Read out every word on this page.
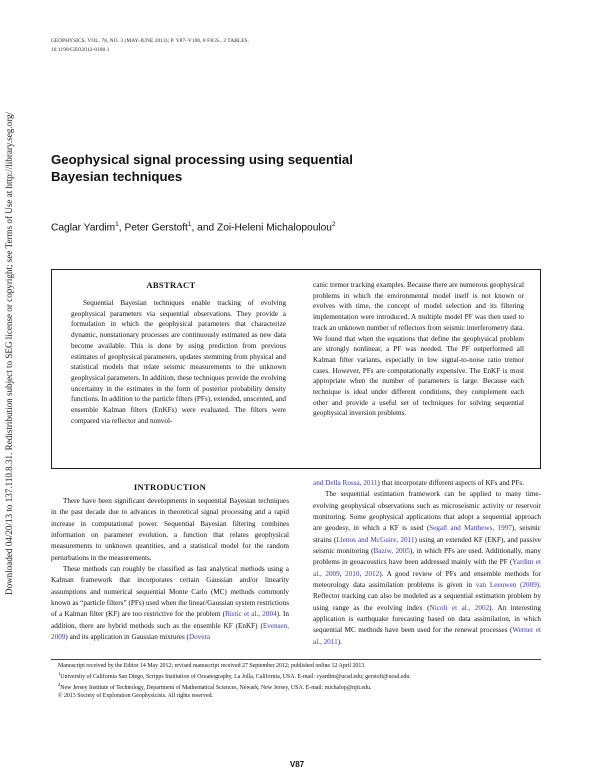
Downloaded 04/20/13 to 137.110.8.31. Redistribution subject to SEG license or copyright; see Terms of Use at http://library.seg.org/
GEOPHYSICS, VOL. 78, NO. 3 (MAY-JUNE 2013); P. V87–V100, 8 FIGS., 2 TABLES.
10.1190/GEO2012-0180.1
Geophysical signal processing using sequential
Bayesian techniques
Caglar Yardim$^1$, Peter Gerstoft$^1$, and Zoi-Heleni Michalopoulou$^2$
ABSTRACT
Sequential Bayesian techniques enable tracking of evolving geophysical parameters via sequential observations. They provide a formulation in which the geophysical parameters that characterize dynamic, nonstationary processes are continuously estimated as new data become available. This is done by using prediction from previous estimates of geophysical parameters, updates stemming from physical and statistical models that relate seismic measurements to the unknown geophysical parameters. In addition, these techniques provide the evolving uncertainty in the estimates in the form of posterior probability density functions. In addition to the particle filters (PFs), extended, unscented, and ensemble Kalman filters (EnKFs) were evaluated. The filters were compared via reflector and nonvol-
canic tremor tracking examples. Because there are numerous geophysical problems in which the environmental model itself is not known or evolves with time, the concept of model selection and its filtering implementation were introduced. A multiple model PF was then used to track an unknown number of reflectors from seismic interferometry data. We found that when the equations that define the geophysical problem are strongly nonlinear, a PF was needed. The PF outperformed all Kalman filter variants, especially in low signal-to-noise ratio tremor cases. However, PFs are computationally expensive. The EnKF is most appropriate when the number of parameters is large. Because each technique is ideal under different conditions, they complement each other and provide a useful set of techniques for solving sequential geophysical inversion problems.
INTRODUCTION

There have been significant developments in sequential Bayesian techniques in the past decade due to advances in theoretical signal processing and a rapid increase in computational power. Sequential Bayesian filtering combines information on parameter evolution, a function that relates geophysical measurements to unknown quantities, and a statistical model for the random perturbations in the measurements.

These methods can roughly be classified as fast analytical methods using a Kalman framework that incorporates certain Gaussian and/or linearity assumptions and numerical sequential Monte Carlo (MC) methods commonly known as “particle filters” (PFs) used when the linear/Gaussian system restrictions of a Kalman filter (KF) are too restrictive for the problem (Ristic et al., 2004). In addition, there are hybrid methods such as the ensemble KF (EnKF) (Evensen, 2009) and its application in Gaussian mixtures (Dovera

and Della Rossa, 2011) that incorporate different aspects of KFs and PFs.

The sequential estimation framework can be applied to many time-evolving geophysical observations such as microseismic activity or reservoir monitoring. Some geophysical applications that adopt a sequential approach are geodesy, in which a KF is used (Segall and Matthews, 1997), seismic strains (Llenos and McGuire, 2011) using an extended KF (EKF), and passive seismic monitoring (Baziw, 2005), in which PFs are used. Additionally, many problems in geoacoustics have been addressed mainly with the PF (Yardim et al., 2009, 2010, 2012). A good review of PFs and ensemble methods for meteorology data assimilation problems is given in van Leeuwen (2009). Reflector tracking can also be modeled as a sequential estimation problem by using range as the evolving index (Nicoli et al., 2002). An interesting application is earthquake forecasting based on data assimilation, in which sequential MC methods have been used for the renewal processes (Werner et al., 2011).

Manuscript received by the Editor 14 May 2012; revised manuscript received 27 September 2012; published online 12 April 2013.
$^1$University of California San Diego, Scripps Institution of Oceanography, La Jolla, California, USA. E-mail: cyardim@ucsd.edu; gerstoft@ucsd.edu.
$^2$New Jersey Institute of Technology, Department of Mathematical Sciences, Newark, New Jersey, USA. E-mail: michalop@njit.edu.
© 2013 Society of Exploration Geophysicists. All rights reserved.
V87
